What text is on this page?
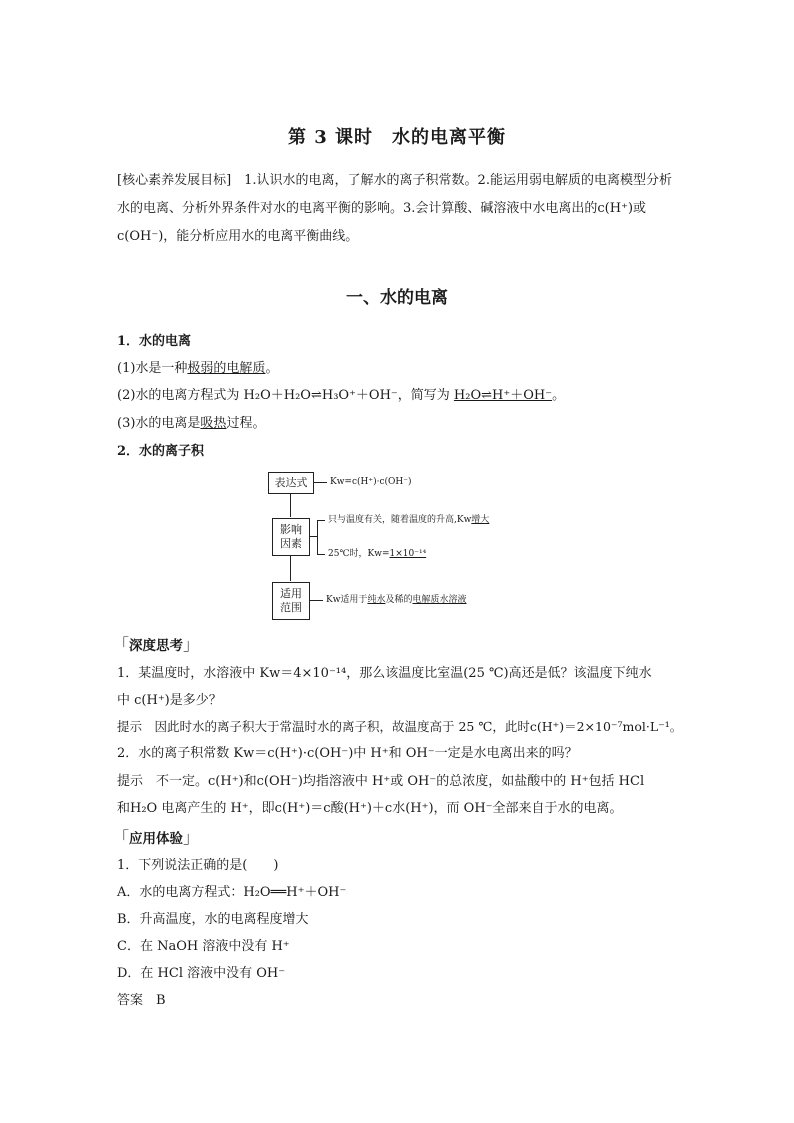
第 3 课时　水的电离平衡

[核心素养发展目标]　1.认识水的电离，了解水的离子积常数。2.能运用弱电解质的电离模型分析水的电离、分析外界条件对水的电离平衡的影响。3.会计算酸、碱溶液中水电离出的c(H⁺)或c(OH⁻)，能分析应用水的电离平衡曲线。

一、水的电离
1．水的电离
(1)水是一种极弱的电解质。
(2)水的电离方程式为 H₂O＋H₂O⇌H₃O⁺＋OH⁻，简写为 H₂O⇌H⁺＋OH⁻。
(3)水的电离是吸热过程。
2．水的离子积
表达式	Kw=c(H⁺)·c(OH⁻)
影响
因素
只与温度有关，随着温度的升高,Kw增大
25℃时，Kw=1×10⁻¹⁴
适用
范围
Kw适用于纯水及稀的电解质水溶液
「深度思考」
1．某温度时，水溶液中 Kw＝4×10⁻¹⁴，那么该温度比室温(25 ℃)高还是低？该温度下纯水
中 c(H⁺)是多少？
提示　因此时水的离子积大于常温时水的离子积，故温度高于 25 ℃，此时c(H⁺)＝2×10⁻⁷mol·L⁻¹。
2．水的离子积常数 Kw＝c(H⁺)·c(OH⁻)中 H⁺和 OH⁻一定是水电离出来的吗？
提示　不一定。c(H⁺)和c(OH⁻)均指溶液中 H⁺或 OH⁻的总浓度，如盐酸中的 H⁺包括 HCl
和H₂O 电离产生的 H⁺，即c(H⁺)＝c酸(H⁺)＋c水(H⁺)，而 OH⁻全部来自于水的电离。
「应用体验」
1．下列说法正确的是(　　)
A．水的电离方程式：H₂O══H⁺＋OH⁻
B．升高温度，水的电离程度增大
C．在 NaOH 溶液中没有 H⁺
D．在 HCl 溶液中没有 OH⁻
答案　B
